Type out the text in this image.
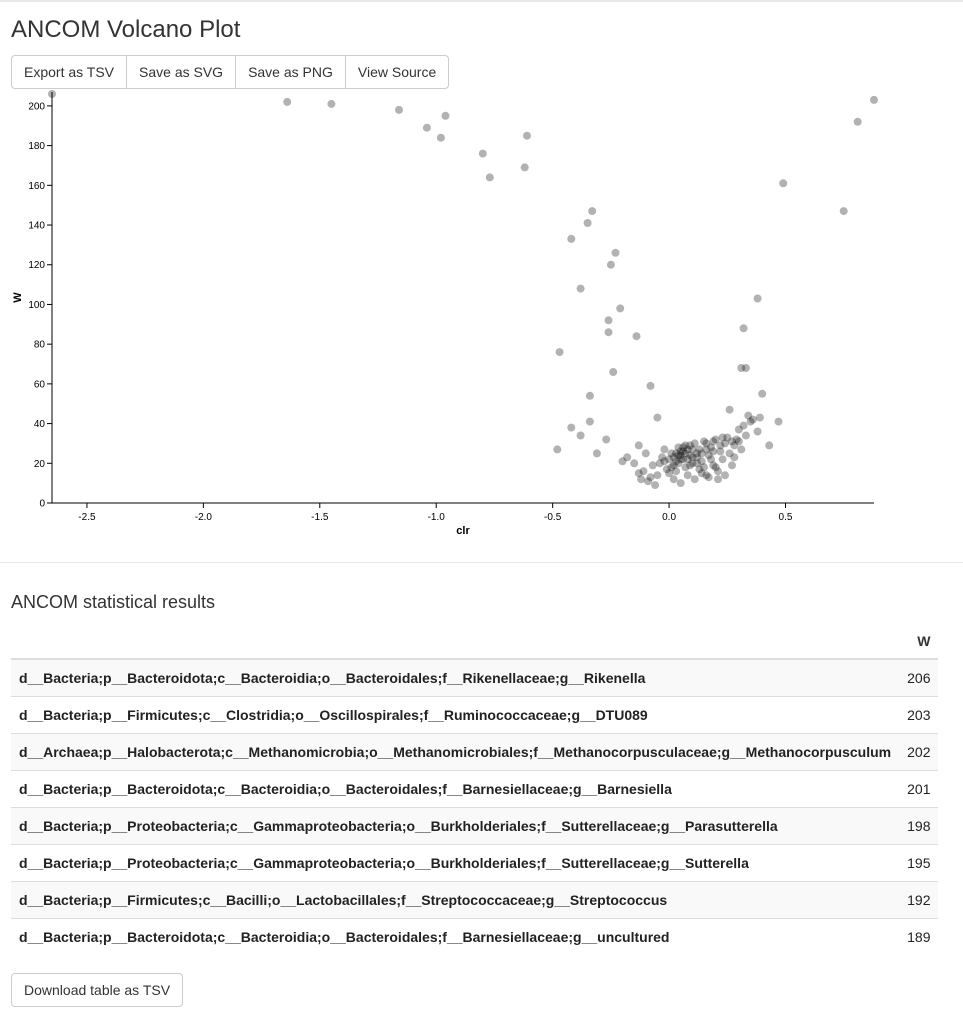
ANCOM Volcano Plot
Export as TSV	Save as SVG	Save as PNG	View Source
-2.5	-2.0	-1.5	-1.0	-0.5	0.0	0.5
0
20
40
60
80
100
120
140
160
180
200
clr
W
ANCOM statistical results
	W
d__Bacteria;p__Bacteroidota;c__Bacteroidia;o__Bacteroidales;f__Rikenellaceae;g__Rikenella	206
d__Bacteria;p__Firmicutes;c__Clostridia;o__Oscillospirales;f__Ruminococcaceae;g__DTU089	203
d__Archaea;p__Halobacterota;c__Methanomicrobia;o__Methanomicrobiales;f__Methanocorpusculaceae;g__Methanocorpusculum	202
d__Bacteria;p__Bacteroidota;c__Bacteroidia;o__Bacteroidales;f__Barnesiellaceae;g__Barnesiella	201
d__Bacteria;p__Proteobacteria;c__Gammaproteobacteria;o__Burkholderiales;f__Sutterellaceae;g__Parasutterella	198
d__Bacteria;p__Proteobacteria;c__Gammaproteobacteria;o__Burkholderiales;f__Sutterellaceae;g__Sutterella	195
d__Bacteria;p__Firmicutes;c__Bacilli;o__Lactobacillales;f__Streptococcaceae;g__Streptococcus	192
d__Bacteria;p__Bacteroidota;c__Bacteroidia;o__Bacteroidales;f__Barnesiellaceae;g__uncultured	189
Download table as TSV
